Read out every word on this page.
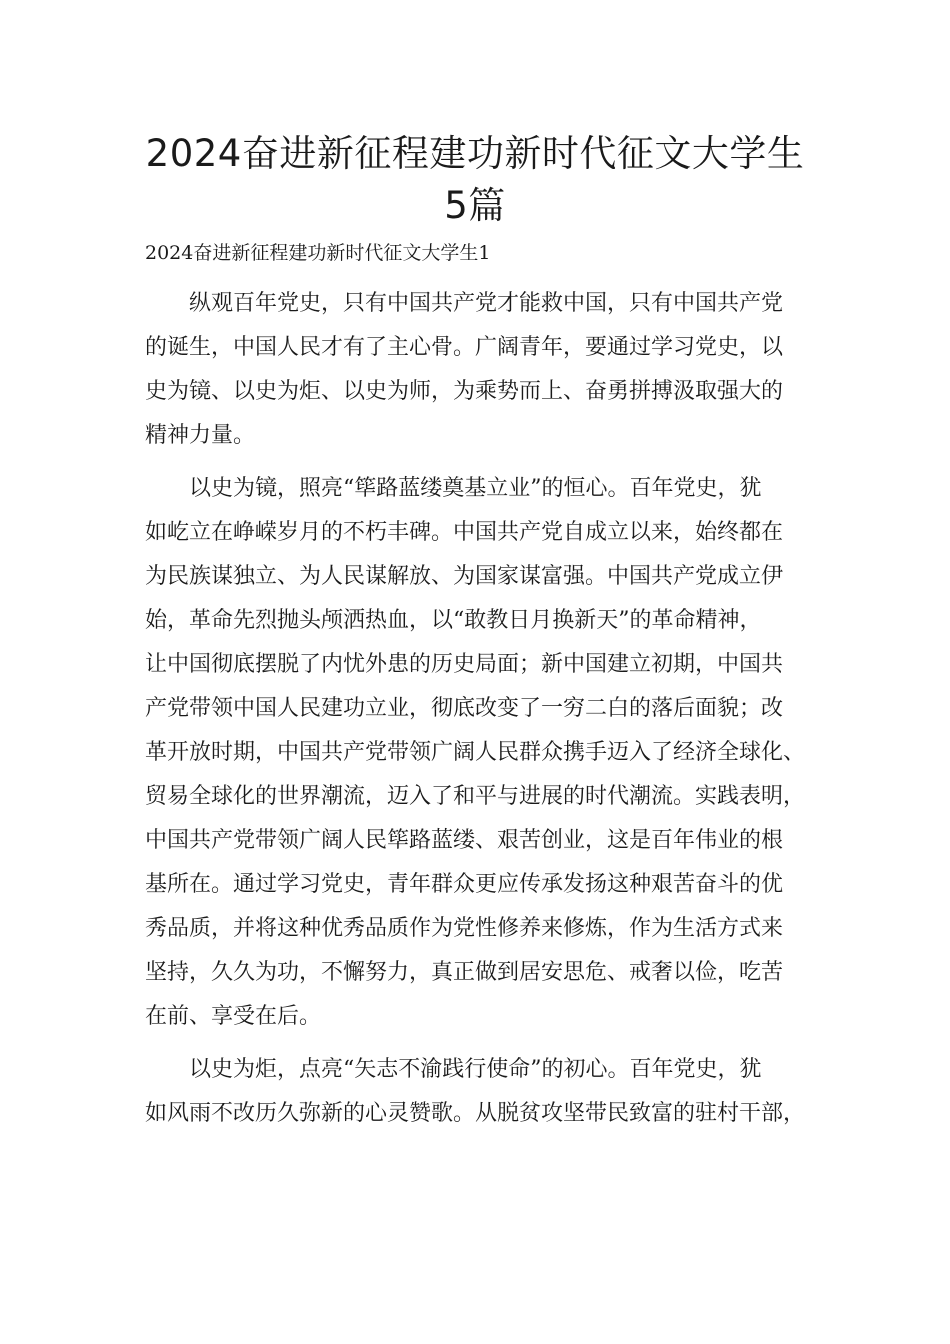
2024奋进新征程建功新时代征文大学生
5篇

2024奋进新征程建功新时代征文大学生1

纵观百年党史，只有中国共产党才能救中国，只有中国共产党
的诞生，中国人民才有了主心骨。广阔青年，要通过学习党史，以
史为镜、以史为炬、以史为师，为乘势而上、奋勇拼搏汲取强大的
精神力量。
以史为镜，照亮“筚路蓝缕奠基立业”的恒心。百年党史，犹
如屹立在峥嵘岁月的不朽丰碑。中国共产党自成立以来，始终都在
为民族谋独立、为人民谋解放、为国家谋富强。中国共产党成立伊
始，革命先烈抛头颅洒热血，以“敢教日月换新天”的革命精神，
让中国彻底摆脱了内忧外患的历史局面；新中国建立初期，中国共
产党带领中国人民建功立业，彻底改变了一穷二白的落后面貌；改
革开放时期，中国共产党带领广阔人民群众携手迈入了经济全球化、
贸易全球化的世界潮流，迈入了和平与进展的时代潮流。实践表明，
中国共产党带领广阔人民筚路蓝缕、艰苦创业，这是百年伟业的根
基所在。通过学习党史，青年群众更应传承发扬这种艰苦奋斗的优
秀品质，并将这种优秀品质作为党性修养来修炼，作为生活方式来
坚持，久久为功，不懈努力，真正做到居安思危、戒奢以俭，吃苦
在前、享受在后。
以史为炬，点亮“矢志不渝践行使命”的初心。百年党史，犹
如风雨不改历久弥新的心灵赞歌。从脱贫攻坚带民致富的驻村干部，
